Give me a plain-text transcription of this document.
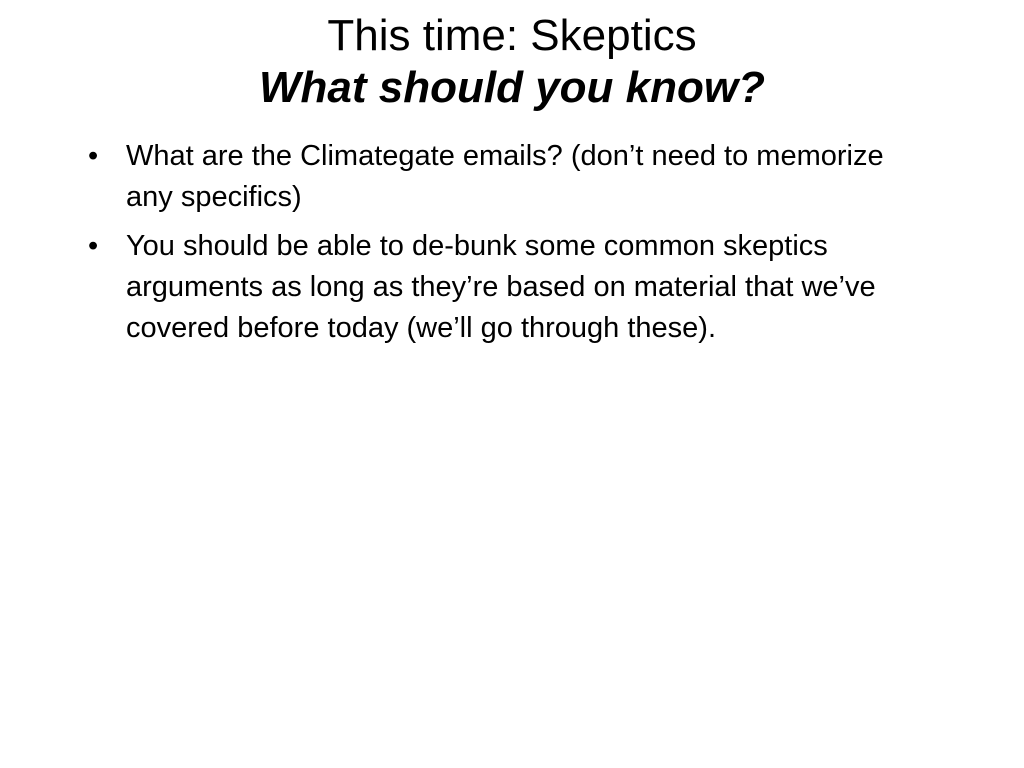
This time: Skeptics
What should you know?
• What are the Climategate emails? (don’t need to memorize any specifics)
• You should be able to de-bunk some common skeptics arguments as long as they’re based on material that we’ve covered before today (we’ll go through these).
